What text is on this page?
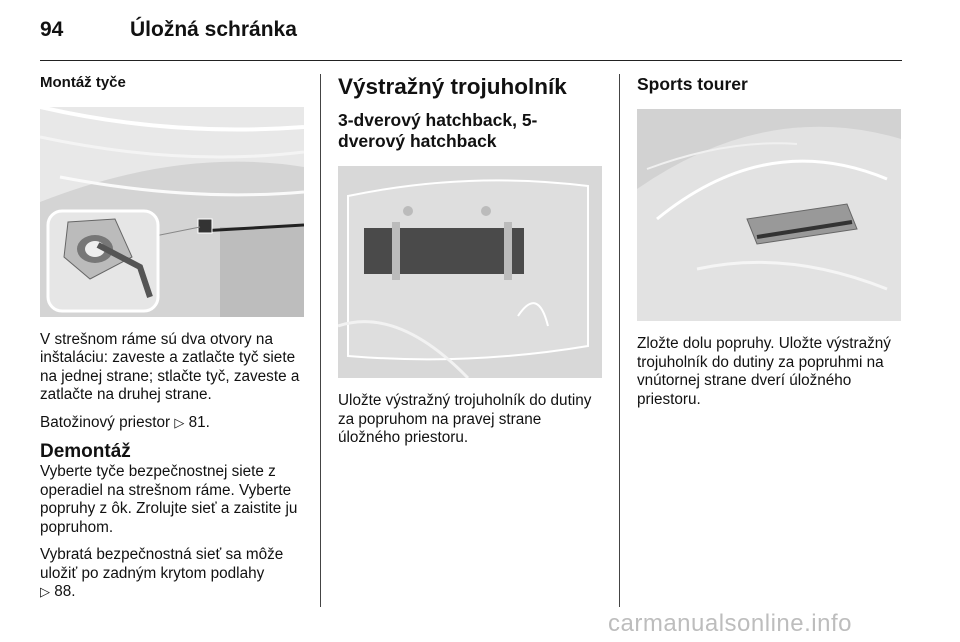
94	Úložná schránka
Montáž tyče

V strešnom ráme sú dva otvory na inštaláciu: zaveste a zatlačte tyč siete na jednej strane; stlačte tyč, zaveste a zatlačte na druhej strane.

Batožinový priestor ▷ 81.

Demontáž

Vyberte tyče bezpečnostnej siete z operadiel na strešnom ráme. Vyberte popruhy z ôk. Zrolujte sieť a zaistite ju popruhom.

Vybratá bezpečnostná sieť sa môže uložiť po zadným krytom podlahy
▷ 88.

Výstražný trojuholník
3-dverový hatchback, 5-dverový hatchback

Uložte výstražný trojuholník do dutiny za popruhom na pravej strane úložného priestoru.

Sports tourer

Zložte dolu popruhy. Uložte výstražný trojuholník do dutiny za popruhmi na vnútornej strane dverí úložného priestoru.

carmanualsonline.info
